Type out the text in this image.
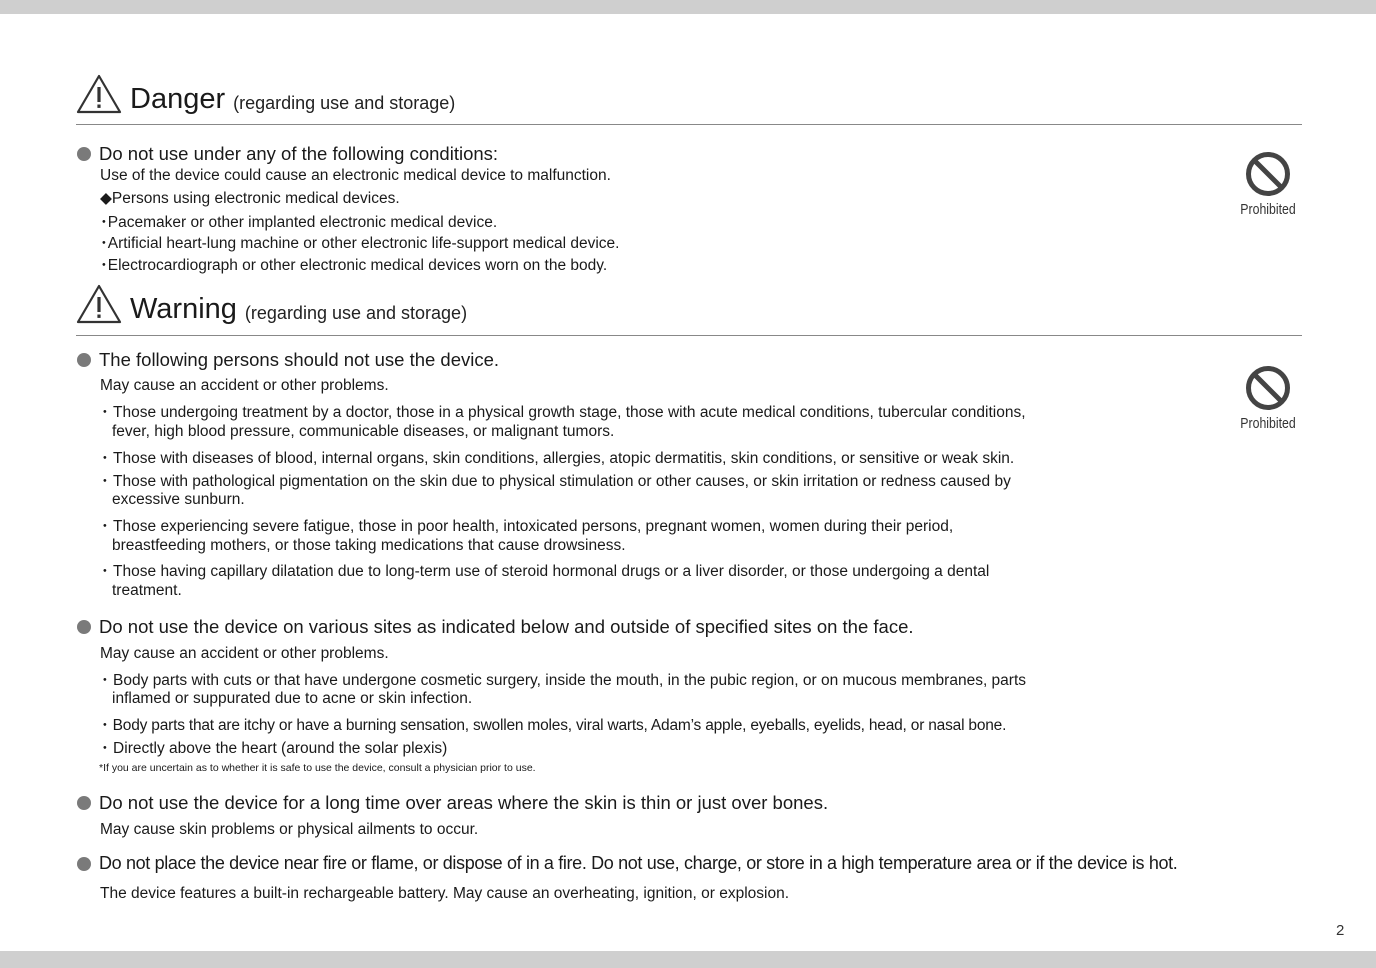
Danger (regarding use and storage)
Do not use under any of the following conditions:
Use of the device could cause an electronic medical device to malfunction.
◆Persons using electronic medical devices.
･Pacemaker or other implanted electronic medical device.
･Artificial heart-lung machine or other electronic life-support medical device.
･Electrocardiograph or other electronic medical devices worn on the body.
Prohibited
Warning (regarding use and storage)
Prohibited
The following persons should not use the device.
May cause an accident or other problems.
･ Those undergoing treatment by a doctor, those in a physical growth stage, those with acute medical conditions, tubercular conditions,
fever, high blood pressure, communicable diseases, or malignant tumors.
･ Those with diseases of blood, internal organs, skin conditions, allergies, atopic dermatitis, skin conditions, or sensitive or weak skin.
･ Those with pathological pigmentation on the skin due to physical stimulation or other causes, or skin irritation or redness caused by
excessive sunburn.
･ Those experiencing severe fatigue, those in poor health, intoxicated persons, pregnant women, women during their period,
breastfeeding mothers, or those taking medications that cause drowsiness.
･ Those having capillary dilatation due to long-term use of steroid hormonal drugs or a liver disorder, or those undergoing a dental
treatment.
Do not use the device on various sites as indicated below and outside of specified sites on the face.
May cause an accident or other problems.
･ Body parts with cuts or that have undergone cosmetic surgery, inside the mouth, in the pubic region, or on mucous membranes, parts
inflamed or suppurated due to acne or skin infection.
･ Body parts that are itchy or have a burning sensation, swollen moles, viral warts, Adam’s apple, eyeballs, eyelids, head, or nasal bone.
･ Directly above the heart (around the solar plexis)
*If you are uncertain as to whether it is safe to use the device, consult a physician prior to use.
Do not use the device for a long time over areas where the skin is thin or just over bones.
May cause skin problems or physical ailments to occur.
Do not place the device near fire or flame, or dispose of in a fire. Do not use, charge, or store in a high temperature area or if the device is hot.
The device features a built-in rechargeable battery. May cause an overheating, ignition, or explosion.
2
